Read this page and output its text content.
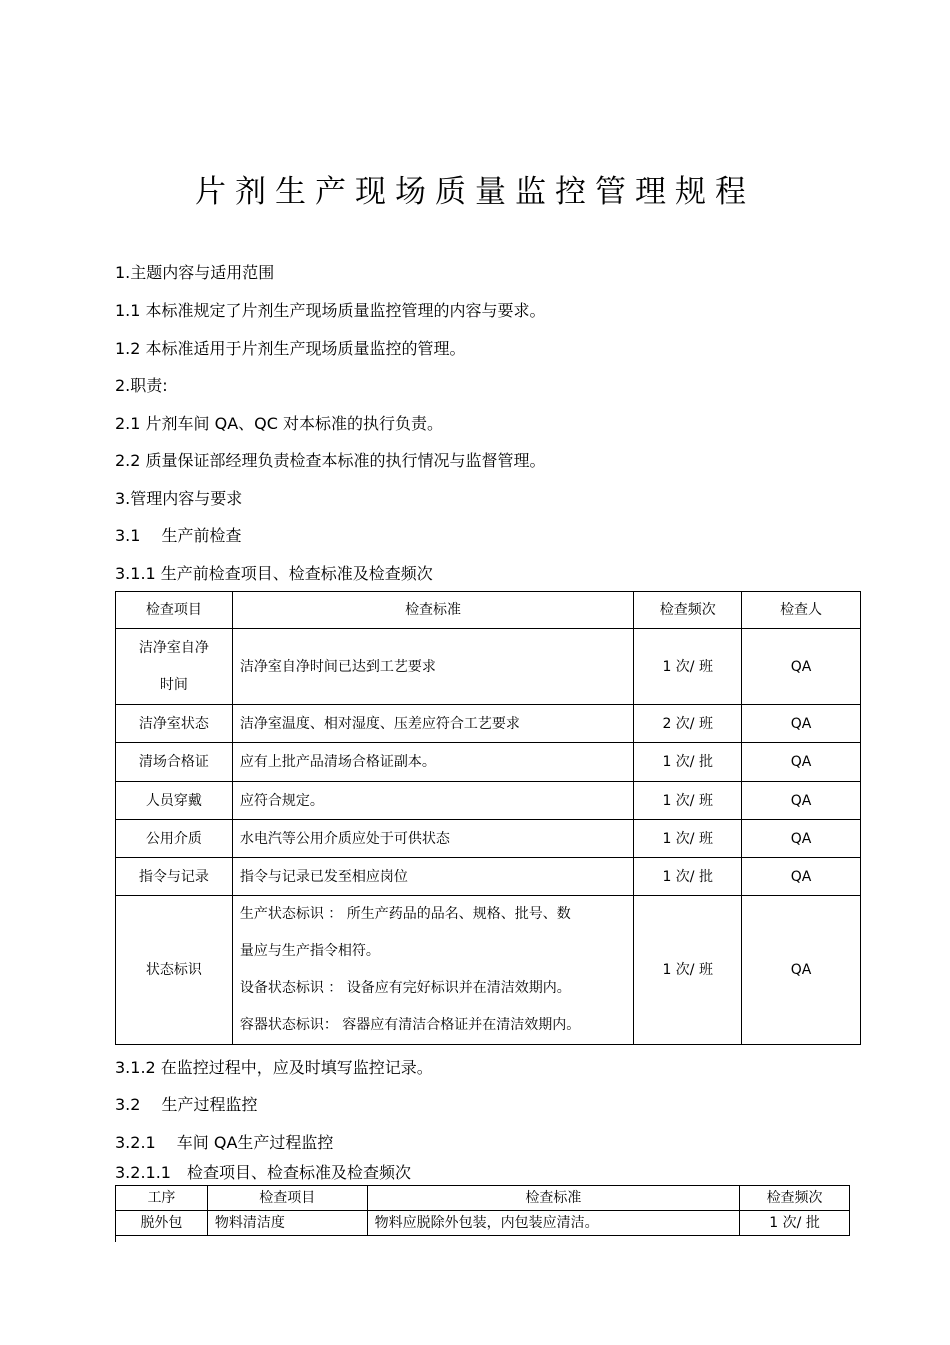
片剂生产现场质量监控管理规程
1.主题内容与适用范围
1.1 本标准规定了片剂生产现场质量监控管理的内容与要求。
1.2 本标准适用于片剂生产现场质量监控的管理。
2.职责:
2.1 片剂车间 QA、QC 对本标准的执行负责。
2.2 质量保证部经理负责检查本标准的执行情况与监督管理。
3.管理内容与要求
3.1　 生产前检查
3.1.1 生产前检查项目、检查标准及检查频次
检查项目	检查标准	检查频次	检查人

洁净室自净
时间	洁净室自净时间已达到工艺要求	1 次/ 班	QA
洁净室状态	洁净室温度、相对湿度、压差应符合工艺要求	2 次/ 班	QA
清场合格证	应有上批产品清场合格证副本。	1 次/ 批	QA
人员穿戴	应符合规定。	1 次/ 班	QA
公用介质	水电汽等公用介质应处于可供状态	1 次/ 班	QA
指令与记录	指令与记录已发至相应岗位	1 次/ 批	QA
状态标识	生产状态标识 ： 所生产药品的品名、规格、批号、数
量应与生产指令相符。
设备状态标识 ： 设备应有完好标识并在清洁效期内。
容器状态标识： 容器应有清洁合格证并在清洁效期内。	1 次/ 班	QA
3.1.2 在监控过程中，应及时填写监控记录。
3.2　 生产过程监控
3.2.1　 车间 QA生产过程监控
3.2.1.1　检查项目、检查标准及检查频次
工序	检查项目	检查标准	检查频次
脱外包	物料清洁度	物料应脱除外包装，内包装应清洁。	1 次/ 批
